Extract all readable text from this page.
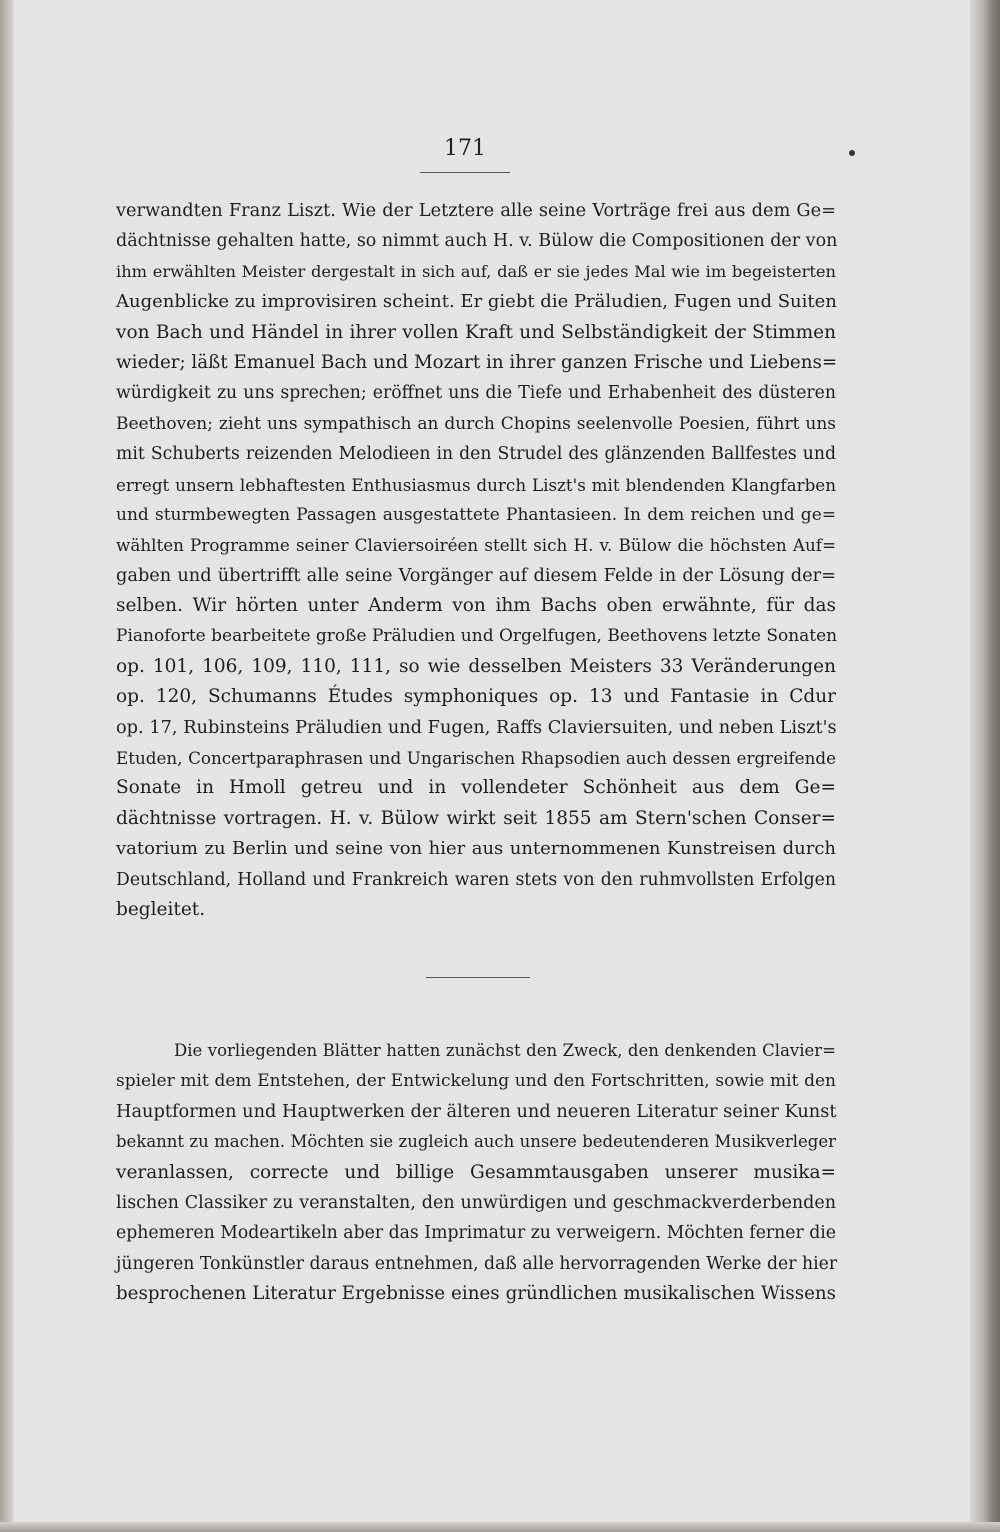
171
verwandten Franz Liszt. Wie der Letztere alle seine Vorträge frei aus dem Ge=
dächtnisse gehalten hatte, so nimmt auch H. v. Bülow die Compositionen der von
ihm erwählten Meister dergestalt in sich auf, daß er sie jedes Mal wie im begeisterten
Augenblicke zu improvisiren scheint. Er giebt die Präludien, Fugen und Suiten
von Bach und Händel in ihrer vollen Kraft und Selbständigkeit der Stimmen
wieder; läßt Emanuel Bach und Mozart in ihrer ganzen Frische und Liebens=
würdigkeit zu uns sprechen; eröffnet uns die Tiefe und Erhabenheit des düsteren
Beethoven; zieht uns sympathisch an durch Chopins seelenvolle Poesien, führt uns
mit Schuberts reizenden Melodieen in den Strudel des glänzenden Ballfestes und
erregt unsern lebhaftesten Enthusiasmus durch Liszt's mit blendenden Klangfarben
und sturmbewegten Passagen ausgestattete Phantasieen. In dem reichen und ge=
wählten Programme seiner Claviersoiréen stellt sich H. v. Bülow die höchsten Auf=
gaben und übertrifft alle seine Vorgänger auf diesem Felde in der Lösung der=
selben. Wir hörten unter Anderm von ihm Bachs oben erwähnte, für das
Pianoforte bearbeitete große Präludien und Orgelfugen, Beethovens letzte Sonaten
op. 101, 106, 109, 110, 111, so wie desselben Meisters 33 Veränderungen
op. 120, Schumanns Études symphoniques op. 13 und Fantasie in Cdur
op. 17, Rubinsteins Präludien und Fugen, Raffs Claviersuiten, und neben Liszt's
Etuden, Concertparaphrasen und Ungarischen Rhapsodien auch dessen ergreifende
Sonate in Hmoll getreu und in vollendeter Schönheit aus dem Ge=
dächtnisse vortragen. H. v. Bülow wirkt seit 1855 am Stern'schen Conser=
vatorium zu Berlin und seine von hier aus unternommenen Kunstreisen durch
Deutschland, Holland und Frankreich waren stets von den ruhmvollsten Erfolgen
begleitet.
Die vorliegenden Blätter hatten zunächst den Zweck, den denkenden Clavier=
spieler mit dem Entstehen, der Entwickelung und den Fortschritten, sowie mit den
Hauptformen und Hauptwerken der älteren und neueren Literatur seiner Kunst
bekannt zu machen. Möchten sie zugleich auch unsere bedeutenderen Musikverleger
veranlassen, correcte und billige Gesammtausgaben unserer musika=
lischen Classiker zu veranstalten, den unwürdigen und geschmackverderbenden
ephemeren Modeartikeln aber das Imprimatur zu verweigern. Möchten ferner die
jüngeren Tonkünstler daraus entnehmen, daß alle hervorragenden Werke der hier
besprochenen Literatur Ergebnisse eines gründlichen musikalischen Wissens
